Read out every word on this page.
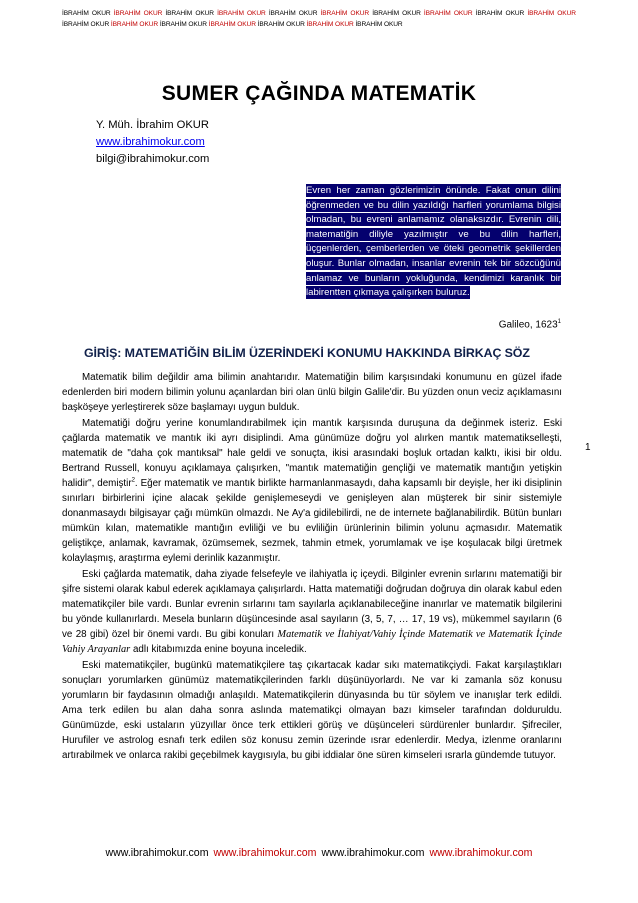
İBRAHİM OKUR İBRAHİM OKUR İBRAHİM OKUR İBRAHİM OKUR İBRAHİM OKUR İBRAHİM OKUR İBRAHİM OKUR İBRAHİM OKUR İBRAHİM OKUR İBRAHİM OKUR İBRAHİM OKUR İBRAHİM OKUR İBRAHİM OKUR İBRAHİM OKUR İBRAHİM OKUR İBRAHİM OKUR İBRAHİM OKUR
SUMER ÇAĞINDA MATEMATİK
Y. Müh. İbrahim OKUR
www.ibrahimokur.com
bilgi@ibrahimokur.com
Evren her zaman gözlerimizin önünde. Fakat onun dilini öğrenmeden ve bu dilin yazıldığı harfleri yorumlama bilgisi olmadan, bu evreni anlamamız olanaksızdır. Evrenin dili, matematiğin diliyle yazılmıştır ve bu dilin harfleri, üçgenlerden, çemberlerden ve öteki geometrik şekillerden oluşur. Bunlar olmadan, insanlar evrenin tek bir sözcüğünü anlamaz ve bunların yokluğunda, kendimizi karanlık bir labirentten çıkmaya çalışırken buluruz.
Galileo, 1623$^1$
GİRİŞ: MATEMATİĞİN BİLİM ÜZERİNDEKİ KONUMU HAKKINDA BİRKAÇ SÖZ

Matematik bilim değildir ama bilimin anahtarıdır. Matematiğin bilim karşısındaki konumunu en güzel ifade edenlerden biri modern bilimin yolunu açanlardan biri olan ünlü bilgin Galile'dir. Bu yüzden onun veciz açıklamasını başköşeye yerleştirerek söze başlamayı uygun bulduk.

Matematiği doğru yerine konumlandırabilmek için mantık karşısında duruşuna da değinmek isteriz. Eski çağlarda matematik ve mantık iki ayrı disiplindi. Ama günümüze doğru yol alırken mantık matematikselleşti, matematik de "daha çok mantıksal" hale geldi ve sonuçta, ikisi arasındaki boşluk ortadan kalktı, ikisi bir oldu. Bertrand Russell, konuyu açıklamaya çalışırken, "mantık matematiğin gençliği ve matematik mantığın yetişkin halidir", demiştir$^2$. Eğer matematik ve mantık birlikte harmanlanmasaydı, daha kapsamlı bir deyişle, her iki disiplinin sınırları birbirlerini içine alacak şekilde genişlemeseydi ve genişleyen alan müşterek bir sinir sistemiyle donanmasaydı bilgisayar çağı mümkün olmazdı. Ne Ay'a gidilebilirdi, ne de internete bağlanabilirdik. Bütün bunları mümkün kılan, matematikle mantığın evliliği ve bu evliliğin ürünlerinin bilimin yolunu açmasıdır. Matematik geliştikçe, anlamak, kavramak, özümsemek, sezmek, tahmin etmek, yorumlamak ve işe koşulacak bilgi üretmek kolaylaşmış, araştırma eylemi derinlik kazanmıştır.

Eski çağlarda matematik, daha ziyade felsefeyle ve ilahiyatla iç içeydi. Bilginler evrenin sırlarını matematiği bir şifre sistemi olarak kabul ederek açıklamaya çalışırlardı. Hatta matematiği doğrudan doğruya din olarak kabul eden matematikçiler bile vardı. Bunlar evrenin sırlarını tam sayılarla açıklanabileceğine inanırlar ve matematik bilgilerini bu yönde kullanırlardı. Mesela bunların düşüncesinde asal sayıların (3, 5, 7, … 17, 19 vs), mükemmel sayıların (6 ve 28 gibi) özel bir önemi vardı. Bu gibi konuları Matematik ve İlahiyat/Vahiy İçinde Matematik ve Matematik İçinde Vahiy Arayanlar adlı kitabımızda enine boyuna inceledik.

Eski matematikçiler, bugünkü matematikçilere taş çıkartacak kadar sıkı matematikçiydi. Fakat karşılaştıkları sonuçları yorumlarken günümüz matematikçilerinden farklı düşünüyorlardı. Ne var ki zamanla söz konusu yorumların bir faydasının olmadığı anlaşıldı. Matematikçilerin dünyasında bu tür söylem ve inanışlar terk edildi. Ama terk edilen bu alan daha sonra aslında matematikçi olmayan bazı kimseler tarafından dolduruldu. Günümüzde, eski ustaların yüzyıllar önce terk ettikleri görüş ve düşünceleri sürdürenler bunlardır. Şifreciler, Hurufiler ve astrolog esnafı terk edilen söz konusu zemin üzerinde ısrar edenlerdir. Medya, izlenme oranlarını artırabilmek ve onlarca rakibi geçebilmek kaygısıyla, bu gibi iddialar öne süren kimseleri ısrarla gündemde tutuyor.

1
www.ibrahimokur.com www.ibrahimokur.com www.ibrahimokur.com www.ibrahimokur.com
